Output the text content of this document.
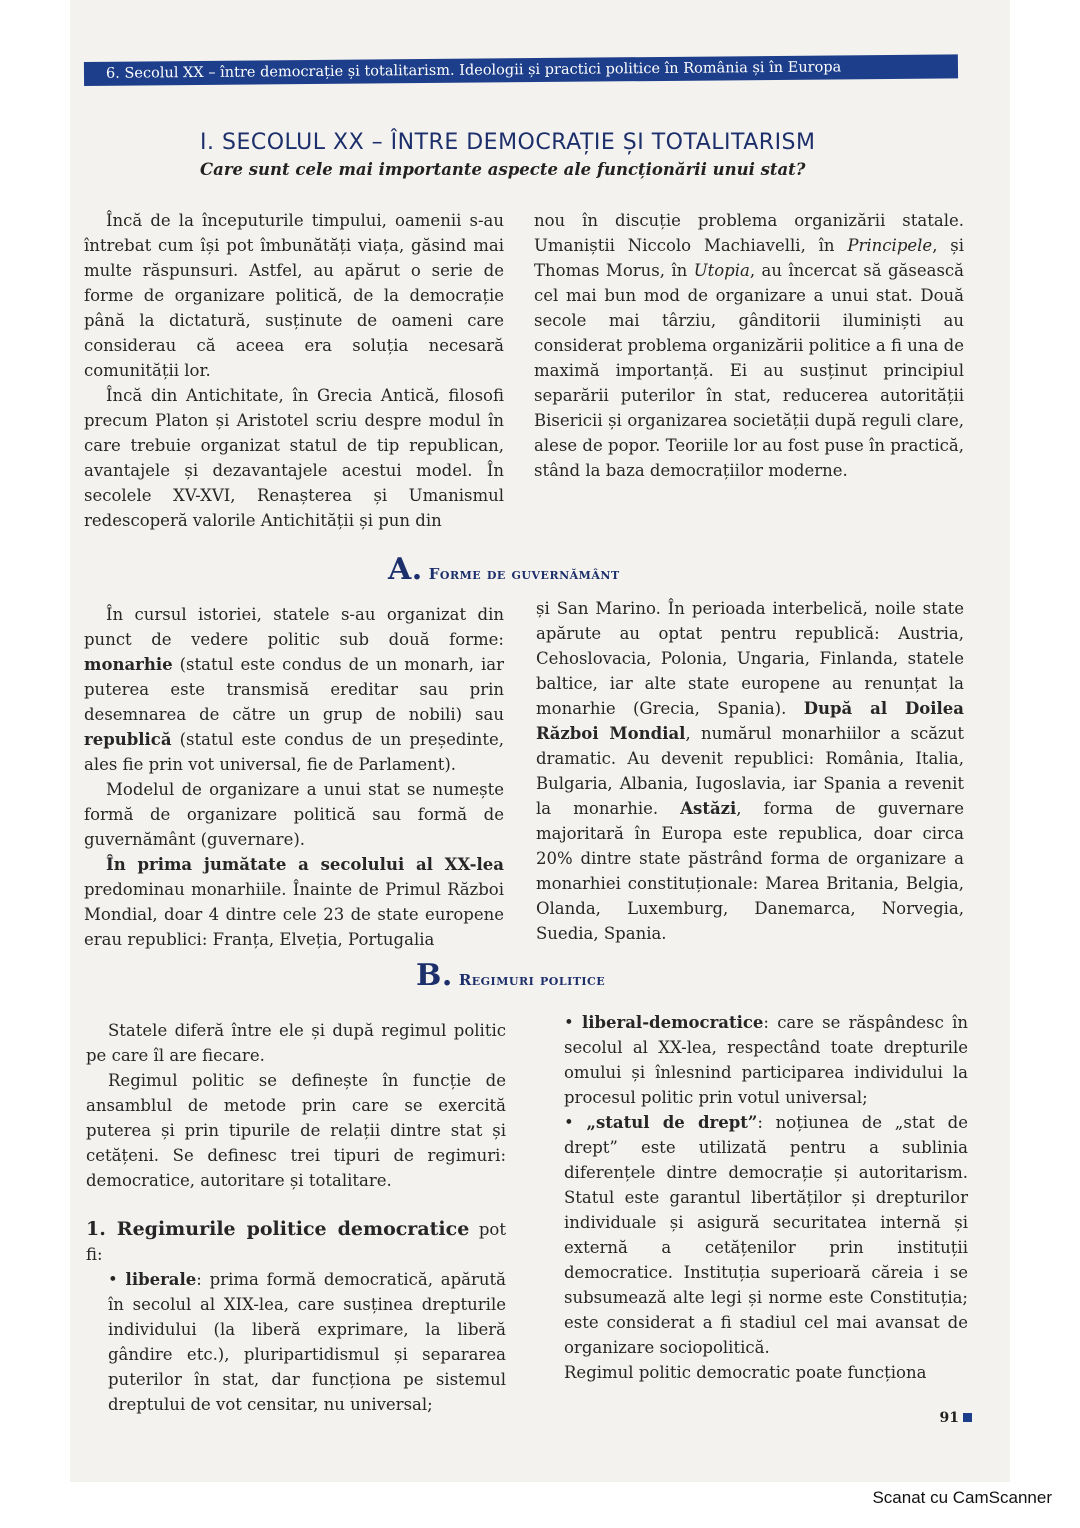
6. Secolul XX – între democrație și totalitarism. Ideologii și practici politice în România și în Europa
I. SECOLUL XX – ÎNTRE DEMOCRAȚIE ȘI TOTALITARISM
Care sunt cele mai importante aspecte ale funcționării unui stat?

Încă de la începuturile timpului, oamenii s-au întrebat cum își pot îmbunătăți viața, găsind mai multe răspunsuri. Astfel, au apărut o serie de forme de organizare politică, de la democrație până la dictatură, susținute de oameni care considerau că aceea era soluția necesară comunității lor.

Încă din Antichitate, în Grecia Antică, filosofi precum Platon și Aristotel scriu despre modul în care trebuie organizat statul de tip republican, avantajele și dezavantajele acestui model. În secolele XV-XVI, Renașterea și Umanismul redescoperă valorile Antichității și pun din

nou în discuție problema organizării statale. Umaniștii Niccolo Machiavelli, în Principele, și Thomas Morus, în Utopia, au încercat să găsească cel mai bun mod de organizare a unui stat. Două secole mai târziu, gânditorii iluminiști au considerat problema organizării politice a fi una de maximă importanță. Ei au susținut principiul separării puterilor în stat, reducerea autorității Bisericii și organizarea societății după reguli clare, alese de popor. Teoriile lor au fost puse în practică, stând la baza democrațiilor moderne.

A. Forme de guvernământ

În cursul istoriei, statele s-au organizat din punct de vedere politic sub două forme: monarhie (statul este condus de un monarh, iar puterea este transmisă ereditar sau prin desemnarea de către un grup de nobili) sau republică (statul este condus de un președinte, ales fie prin vot universal, fie de Parlament).

Modelul de organizare a unui stat se numește formă de organizare politică sau formă de guvernământ (guvernare).

În prima jumătate a secolului al XX-lea predominau monarhiile. Înainte de Primul Război Mondial, doar 4 dintre cele 23 de state europene erau republici: Franța, Elveția, Portugalia

și San Marino. În perioada interbelică, noile state apărute au optat pentru republică: Austria, Cehoslovacia, Polonia, Ungaria, Finlanda, statele baltice, iar alte state europene au renunțat la monarhie (Grecia, Spania). După al Doilea Război Mondial, numărul monarhiilor a scăzut dramatic. Au devenit republici: România, Italia, Bulgaria, Albania, Iugoslavia, iar Spania a revenit la monarhie. Astăzi, forma de guvernare majoritară în Europa este republica, doar circa 20% dintre state păstrând forma de organizare a monarhiei constituționale: Marea Britania, Belgia, Olanda, Luxemburg, Danemarca, Norvegia, Suedia, Spania.

B. Regimuri politice

Statele diferă între ele și după regimul politic pe care îl are fiecare.

Regimul politic se definește în funcție de ansamblul de metode prin care se exercită puterea și prin tipurile de relații dintre stat și cetățeni. Se definesc trei tipuri de regimuri: democratice, autoritare și totalitare.

1. Regimurile politice democratice pot fi:

• liberale: prima formă democratică, apărută în secolul al XIX-lea, care susținea drepturile individului (la liberă exprimare, la liberă gândire etc.), pluripartidismul și separarea puterilor în stat, dar funcționa pe sistemul dreptului de vot censitar, nu universal;

• liberal-democratice: care se răspândesc în secolul al XX-lea, respectând toate drepturile omului și înlesnind participarea individului la procesul politic prin votul universal;

• „statul de drept”: noțiunea de „stat de drept” este utilizată pentru a sublinia diferențele dintre democrație și autoritarism. Statul este garantul libertăților și drepturilor individuale și asigură securitatea internă și externă a cetățenilor prin instituții democratice. Instituția superioară căreia i se subsumează alte legi și norme este Constituția; este considerat a fi stadiul cel mai avansat de organizare sociopolitică.

Regimul politic democratic poate funcționa

91
Scanat cu CamScanner
